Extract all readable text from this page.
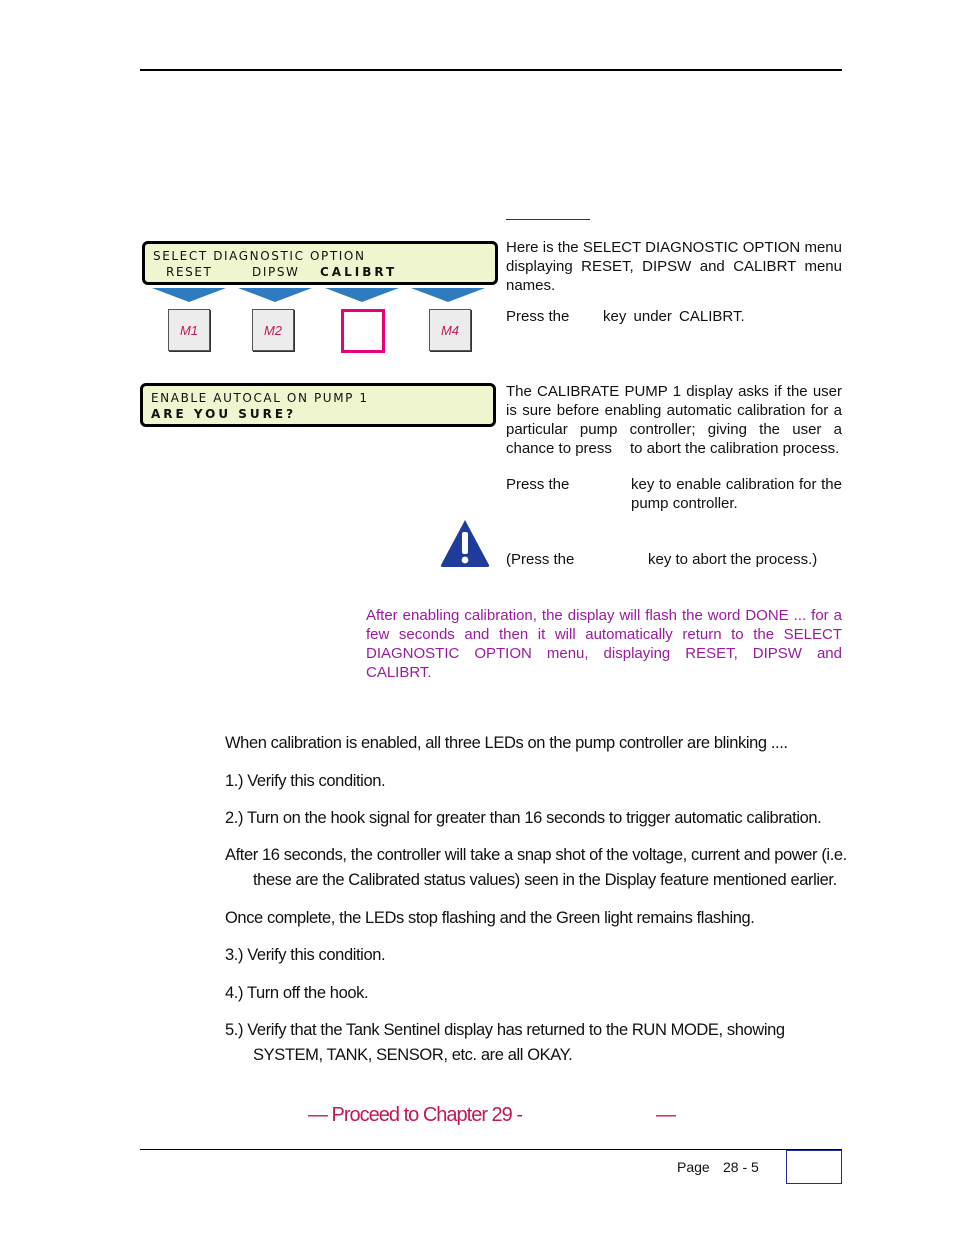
SELECT DIAGNOSTIC OPTION
RESET	DIPSW CALIBRT
M1	M2	M4
ENABLE AUTOCAL ON PUMP 1
ARE YOU SURE?
Here is the SELECT DIAGNOSTIC OPTION menu displaying RESET, DIPSW and CALIBRT menu names.
Press the key under CALIBRT.
The CALIBRATE PUMP 1 display asks if the user is sure before enabling automatic calibration for a particular pump controller; giving the user a chance to press	to abort the calibration process.
Press the	key to enable calibration for the pump controller.
(Press the	key to abort the process.)
After enabling calibration, the display will flash the word DONE ... for a few seconds and then it will automatically return to the SELECT DIAGNOSTIC OPTION menu, displaying RESET, DIPSW and CALIBRT.
When calibration is enabled, all three LEDs on the pump controller are blinking ....
1.) Verify this condition.
2.) Turn on the hook signal for greater than 16 seconds to trigger automatic calibration.
After 16 seconds, the controller will take a snap shot of the voltage, current and power (i.e.
these are the Calibrated status values) seen in the Display feature mentioned earlier.
Once complete, the LEDs stop flashing and the Green light remains flashing.
3.) Verify this condition.
4.) Turn off the hook.
5.) Verify that the Tank Sentinel display has returned to the RUN MODE, showing
SYSTEM, TANK, SENSOR, etc. are all OKAY.
— Proceed to Chapter 29 -	—
Page 28 - 5
